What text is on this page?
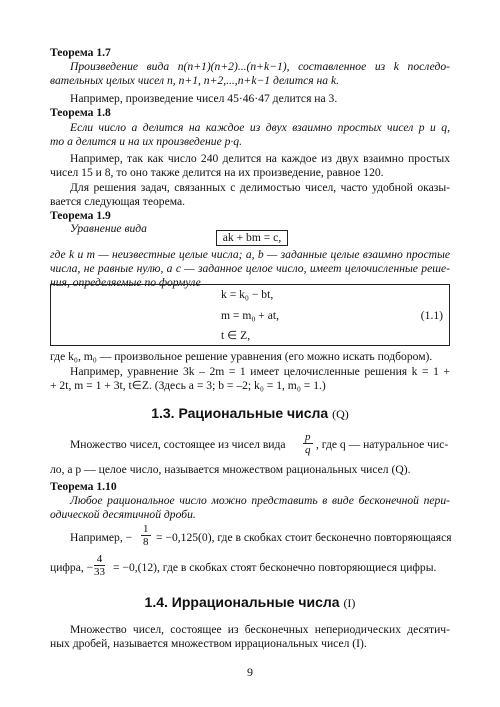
Теорема 1.7
Произведение вида n(n+1)(n+2)...(n+k−1), составленное из k последо-
вательных целых чисел n, n+1, n+2,...,n+k−1 делится на k.
Например, произведение чисел 45·46·47 делится на 3.
Теорема 1.8
Если число a делится на каждое из двух взаимно простых чисел p и q,
то a делится и на их произведение p·q.
Например, так как число 240 делится на каждое из двух взаимно простых
чисел 15 и 8, то оно также делится на их произведение, равное 120.
Для решения задач, связанных с делимостью чисел, часто удобной оказы-
вается следующая теорема.
Теорема 1.9
Уравнение вида
ak + bm = c,
где k и m — неизвестные целые числа; a, b — заданные целые взаимно простые
числа, не равные нулю, а c — заданное целое число, имеет целочисленные реше-
ния, определяемые по формуле
k = k₀ − bt,
m = m₀ + at,
t ∈ Z,
(1.1)
где k₀, m₀ — произвольное решение уравнения (его можно искать подбором).
Например, уравнение 3k – 2m = 1 имеет целочисленные решения k = 1 +
+ 2t, m = 1 + 3t, t∈Z. (Здесь a = 3; b = –2; k₀ = 1, m₀ = 1.)
1.3. Рациональные числа (Q)
Множество чисел, состоящее из чисел вида $\frac{p}{q}$ , где q — натуральное чис-
ло, а p — целое число, называется множеством рациональных чисел (Q).
Теорема 1.10
Любое рациональное число можно представить в виде бесконечной пери-
одической десятичной дроби.
Например, − $\frac{1}{8} = -0,125(0)$, где в скобках стоит бесконечно повторяющаяся
цифра, − $\frac{4}{33} = -0,(12)$, где в скобках стоят бесконечно повторяющиеся цифры.
1.4. Иррациональные числа (I)
Множество чисел, состоящее из бесконечных непериодических десятич-
ных дробей, называется множеством иррациональных чисел (I).
9
